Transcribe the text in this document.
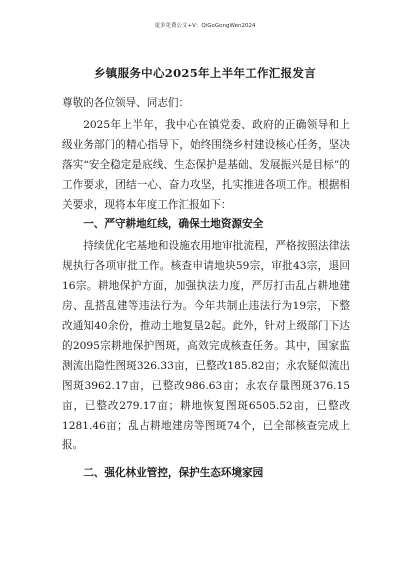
更多免费公文+V：QiGoGongWen2024
乡镇服务中心2025年上半年工作汇报发言

尊敬的各位领导、同志们：

2025年上半年，我中心在镇党委、政府的正确领导和上级业务部门的精心指导下，始终围绕乡村建设核心任务，坚决落实“安全稳定是底线、生态保护是基础、发展振兴是目标”的工作要求，团结一心、奋力攻坚，扎实推进各项工作。根据相关要求，现将本年度工作汇报如下：

一、严守耕地红线，确保土地资源安全

持续优化宅基地和设施农用地审批流程，严格按照法律法规执行各项审批工作。核查申请地块59宗，审批43宗，退回16宗。耕地保护方面，加强执法力度，严厉打击乱占耕地建房、乱搭乱建等违法行为。今年共制止违法行为19宗，下整改通知40余份，推动土地复垦2起。此外，针对上级部门下达的2095宗耕地保护图斑，高效完成核查任务。其中，国家监测流出隐性图斑326.33亩，已整改185.82亩；永农疑似流出图斑3962.17亩，已整改986.63亩；永农存量图斑376.15亩，已整改279.17亩；耕地恢复图斑6505.52亩，已整改1281.46亩；乱占耕地建房等图斑74个，已全部核查完成上报。

二、强化林业管控，保护生态环境家园
